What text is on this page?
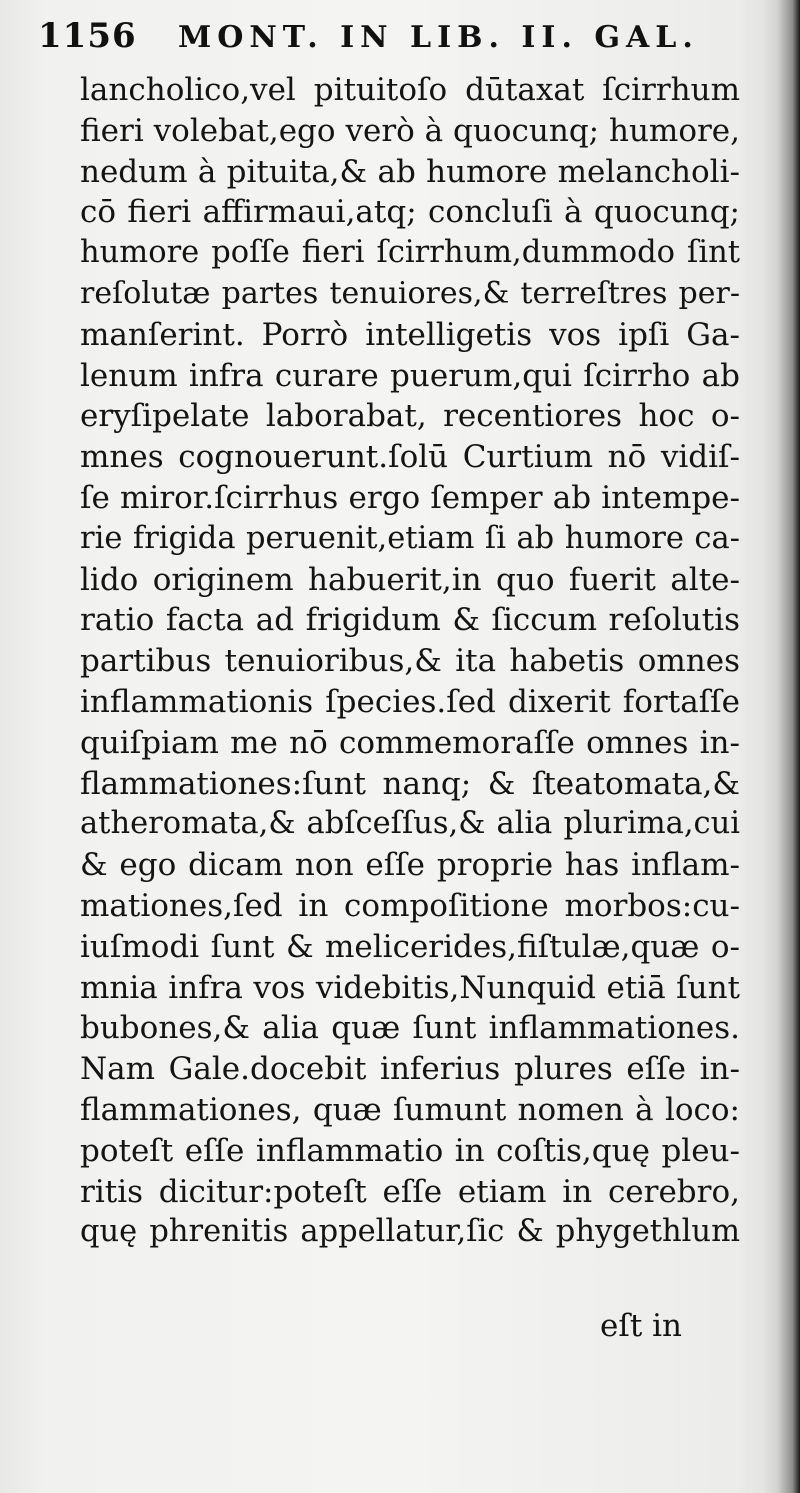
1156 MONT. IN LIB. II. GAL.
lancholico,vel pituitoſo dūtaxat ſcirrhum
fieri volebat,ego verò à quocunq; humore,
nedum à pituita,& ab humore melancholi-
cō fieri affirmaui,atq; concluſi à quocunq;
humore poſſe fieri ſcirrhum,dummodo ſint
reſolutæ partes tenuiores,& terreſtres per-
manſerint. Porrò intelligetis vos ipſi Ga-
lenum infra curare puerum,qui ſcirrho ab
eryſipelate laborabat, recentiores hoc o-
mnes cognouerunt.ſolū Curtium nō vidiſ-
ſe miror.ſcirrhus ergo ſemper ab intempe-
rie frigida peruenit,etiam ſi ab humore ca-
lido originem habuerit,in quo fuerit alte-
ratio facta ad frigidum & ſiccum reſolutis
partibus tenuioribus,& ita habetis omnes
inflammationis ſpecies.ſed dixerit fortaſſe
quiſpiam me nō commemoraſſe omnes in-
flammationes:ſunt nanq; & ſteatomata,&
atheromata,& abſceſſus,& alia plurima,cui
& ego dicam non eſſe proprie has inflam-
mationes,ſed in compoſitione morbos:cu-
iuſmodi ſunt & melicerides,fiſtulæ,quæ o-
mnia infra vos videbitis,Nunquid etiā ſunt
bubones,& alia quæ ſunt inflammationes.
Nam Gale.docebit inferius plures eſſe in-
flammationes, quæ ſumunt nomen à loco:
poteſt eſſe inflammatio in coſtis,quę pleu-
ritis dicitur:poteſt eſſe etiam in cerebro,
quę phrenitis appellatur,ſic & phygethlum
eſt in
